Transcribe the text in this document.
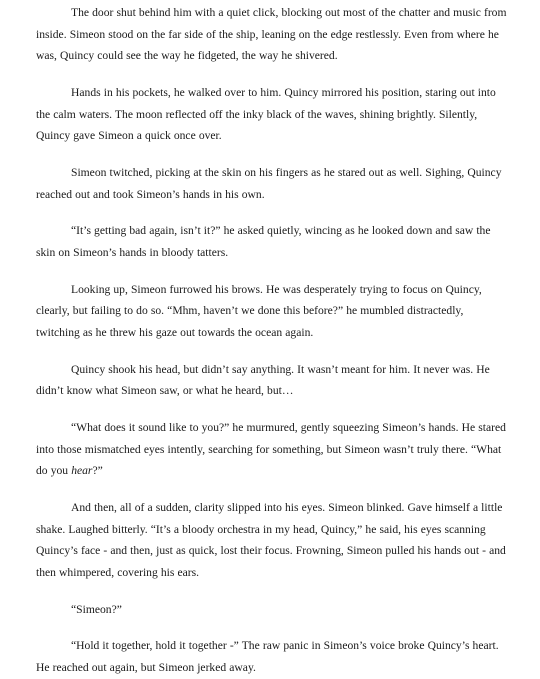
The door shut behind him with a quiet click, blocking out most of the chatter and music from inside. Simeon stood on the far side of the ship, leaning on the edge restlessly. Even from where he was, Quincy could see the way he fidgeted, the way he shivered.

Hands in his pockets, he walked over to him. Quincy mirrored his position, staring out into the calm waters. The moon reflected off the inky black of the waves, shining brightly. Silently, Quincy gave Simeon a quick once over.

Simeon twitched, picking at the skin on his fingers as he stared out as well. Sighing, Quincy reached out and took Simeon’s hands in his own.

“It’s getting bad again, isn’t it?” he asked quietly, wincing as he looked down and saw the skin on Simeon’s hands in bloody tatters.

Looking up, Simeon furrowed his brows. He was desperately trying to focus on Quincy, clearly, but failing to do so. “Mhm, haven’t we done this before?” he mumbled distractedly, twitching as he threw his gaze out towards the ocean again.

Quincy shook his head, but didn’t say anything. It wasn’t meant for him. It never was. He didn’t know what Simeon saw, or what he heard, but…

“What does it sound like to you?” he murmured, gently squeezing Simeon’s hands. He stared into those mismatched eyes intently, searching for something, but Simeon wasn’t truly there. “What do you hear?”

And then, all of a sudden, clarity slipped into his eyes. Simeon blinked. Gave himself a little shake. Laughed bitterly. “It’s a bloody orchestra in my head, Quincy,” he said, his eyes scanning Quincy’s face - and then, just as quick, lost their focus. Frowning, Simeon pulled his hands out - and then whimpered, covering his ears.

“Simeon?”

“Hold it together, hold it together -” The raw panic in Simeon’s voice broke Quincy’s heart. He reached out again, but Simeon jerked away.
